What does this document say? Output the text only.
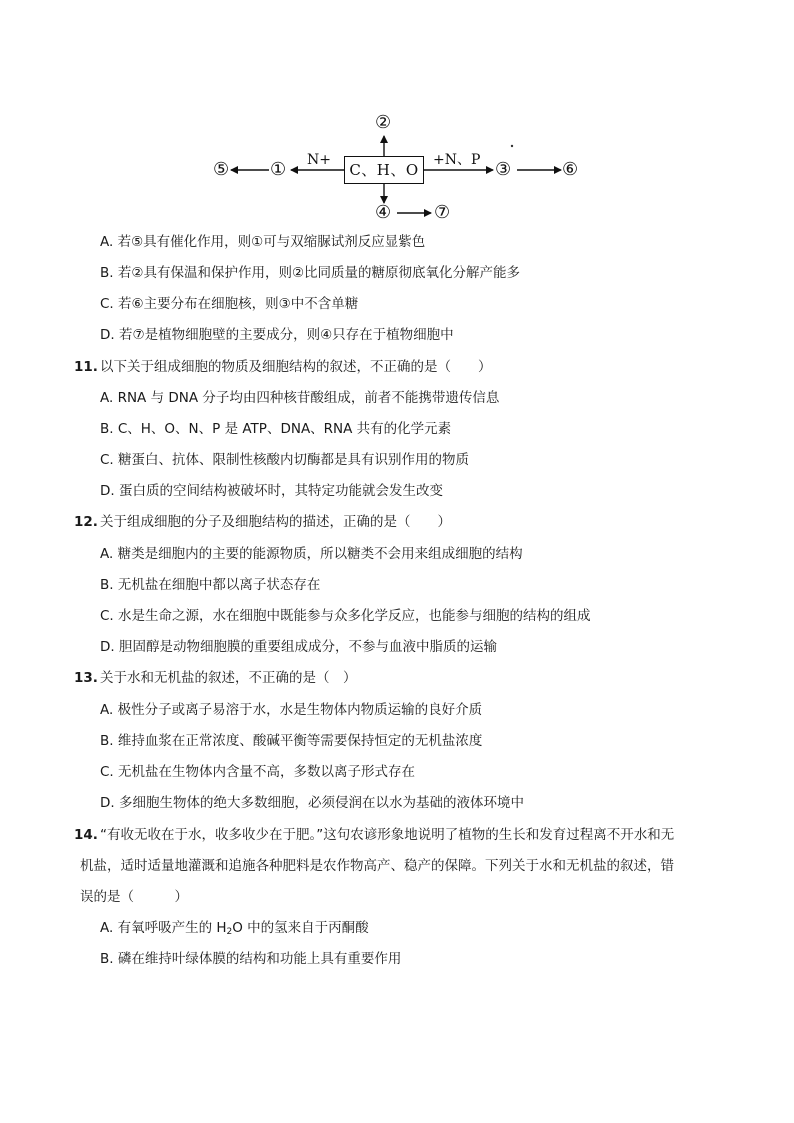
②
⑤ ① N+
C、H、O
+N、P ③	⑥
④ ⑦
A. 若⑤具有催化作用，则①可与双缩脲试剂反应显紫色
B. 若②具有保温和保护作用，则②比同质量的糖原彻底氧化分解产能多
C. 若⑥主要分布在细胞核，则③中不含单糖
D. 若⑦是植物细胞壁的主要成分，则④只存在于植物细胞中
11. 以下关于组成细胞的物质及细胞结构的叙述，不正确的是（　　）
A. RNA 与 DNA 分子均由四种核苷酸组成，前者不能携带遗传信息
B. C、H、O、N、P 是 ATP、DNA、RNA 共有的化学元素
C. 糖蛋白、抗体、限制性核酸内切酶都是具有识别作用的物质
D. 蛋白质的空间结构被破坏时，其特定功能就会发生改变
12. 关于组成细胞的分子及细胞结构的描述，正确的是（　　）
A. 糖类是细胞内的主要的能源物质，所以糖类不会用来组成细胞的结构
B. 无机盐在细胞中都以离子状态存在
C. 水是生命之源，水在细胞中既能参与众多化学反应，也能参与细胞的结构的组成
D. 胆固醇是动物细胞膜的重要组成成分，不参与血液中脂质的运输
13. 关于水和无机盐的叙述，不正确的是（　）
A. 极性分子或离子易溶于水，水是生物体内物质运输的良好介质
B. 维持血浆在正常浓度、酸碱平衡等需要保持恒定的无机盐浓度
C. 无机盐在生物体内含量不高，多数以离子形式存在
D. 多细胞生物体的绝大多数细胞，必须侵润在以水为基础的液体环境中
14. “有收无收在于水，收多收少在于肥。”这句农谚形象地说明了植物的生长和发育过程离不开水和无
机盐，适时适量地灌溉和追施各种肥料是农作物高产、稳产的保障。下列关于水和无机盐的叙述，错
误的是（　　　）
A. 有氧呼吸产生的 $H_2O$ 中的氢来自于丙酮酸
B. 磷在维持叶绿体膜的结构和功能上具有重要作用
